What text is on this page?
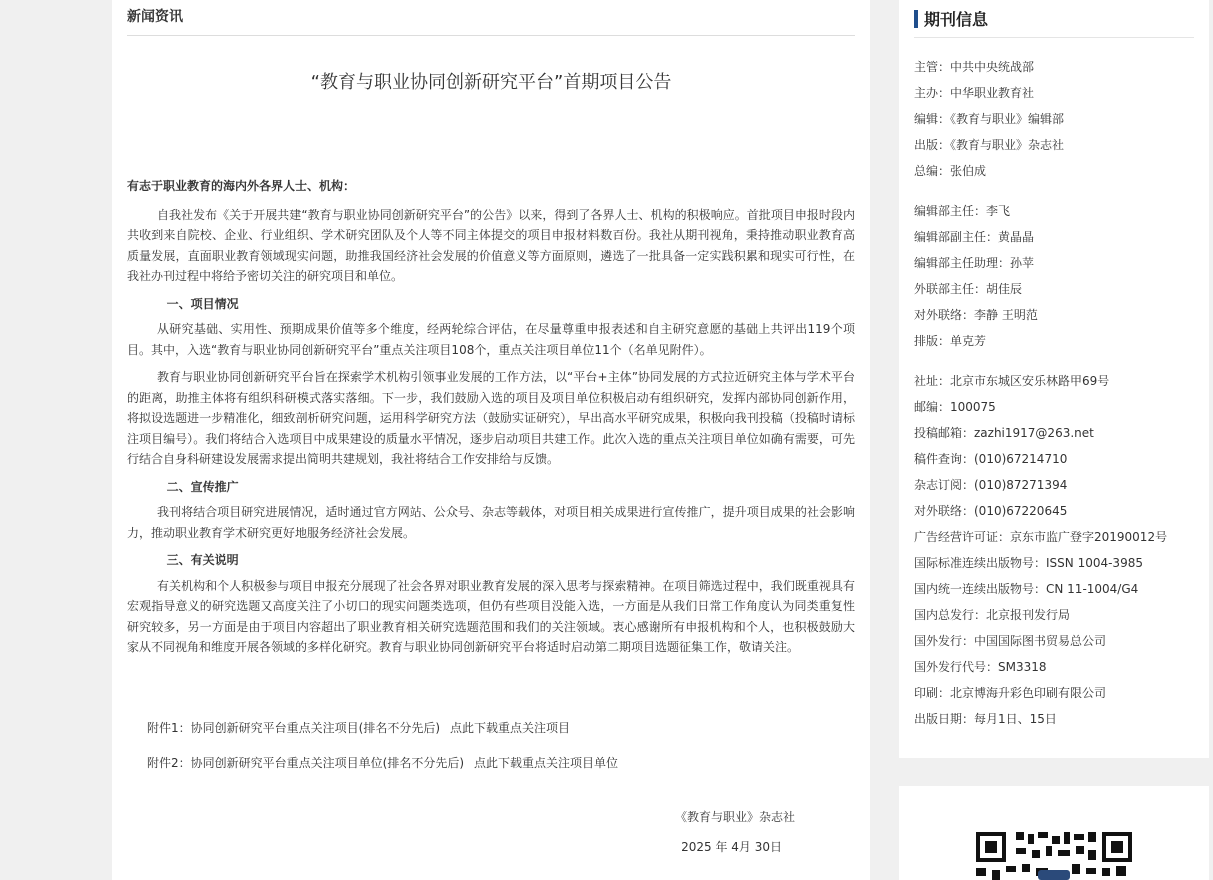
新闻资讯
“教育与职业协同创新研究平台”首期项目公告
有志于职业教育的海内外各界人士、机构：
自我社发布《关于开展共建“教育与职业协同创新研究平台”的公告》以来，得到了各界人士、机构的积极响应。首批项目申报时段内共收到来自院校、企业、行业组织、学术研究团队及个人等不同主体提交的项目申报材料数百份。我社从期刊视角，秉持推动职业教育高质量发展，直面职业教育领域现实问题，助推我国经济社会发展的价值意义等方面原则，遴选了一批具备一定实践积累和现实可行性，在我社办刊过程中将给予密切关注的研究项目和单位。
一、项目情况
从研究基础、实用性、预期成果价值等多个维度，经两轮综合评估，在尽量尊重申报表述和自主研究意愿的基础上共评出119个项目。其中，入选“教育与职业协同创新研究平台”重点关注项目108个，重点关注项目单位11个（名单见附件）。
教育与职业协同创新研究平台旨在探索学术机构引领事业发展的工作方法，以“平台+主体”协同发展的方式拉近研究主体与学术平台的距离，助推主体将有组织科研模式落实落细。下一步，我们鼓励入选的项目及项目单位积极启动有组织研究，发挥内部协同创新作用，将拟设选题进一步精准化，细致剖析研究问题，运用科学研究方法（鼓励实证研究），早出高水平研究成果，积极向我刊投稿（投稿时请标注项目编号）。我们将结合入选项目中成果建设的质量水平情况，逐步启动项目共建工作。此次入选的重点关注项目单位如确有需要，可先行结合自身科研建设发展需求提出简明共建规划，我社将结合工作安排给与反馈。
二、宣传推广
我刊将结合项目研究进展情况，适时通过官方网站、公众号、杂志等载体，对项目相关成果进行宣传推广，提升项目成果的社会影响力，推动职业教育学术研究更好地服务经济社会发展。
三、有关说明
有关机构和个人积极参与项目申报充分展现了社会各界对职业教育发展的深入思考与探索精神。在项目筛选过程中，我们既重视具有宏观指导意义的研究选题又高度关注了小切口的现实问题类选项，但仍有些项目没能入选，一方面是从我们日常工作角度认为同类重复性研究较多，另一方面是由于项目内容超出了职业教育相关研究选题范围和我们的关注领域。衷心感谢所有申报机构和个人，也积极鼓励大家从不同视角和维度开展各领域的多样化研究。教育与职业协同创新研究平台将适时启动第二期项目选题征集工作，敬请关注。
附件1：协同创新研究平台重点关注项目(排名不分先后) 点此下载重点关注项目
附件2：协同创新研究平台重点关注项目单位(排名不分先后) 点此下载重点关注项目单位
《教育与职业》杂志社
2025 年 4月 30日
期刊信息
主管：中共中央统战部
主办：中华职业教育社
编辑：《教育与职业》编辑部
出版：《教育与职业》杂志社
总编：张伯成
编辑部主任：李飞
编辑部副主任：黄晶晶
编辑部主任助理：孙苹
外联部主任：胡佳辰
对外联络：李静 王明范
排版：单克芳
社址：北京市东城区安乐林路甲69号
邮编：100075
投稿邮箱：zazhi1917@263.net
稿件查询：(010)67214710
杂志订阅：(010)87271394
对外联络：(010)67220645
广告经营许可证：京东市监广登字20190012号
国际标准连续出版物号：ISSN 1004-3985
国内统一连续出版物号：CN 11-1004/G4
国内总发行：北京报刊发行局
国外发行：中国国际图书贸易总公司
国外发行代号：SM3318
印刷：北京博海升彩色印刷有限公司
出版日期：每月1日、15日
